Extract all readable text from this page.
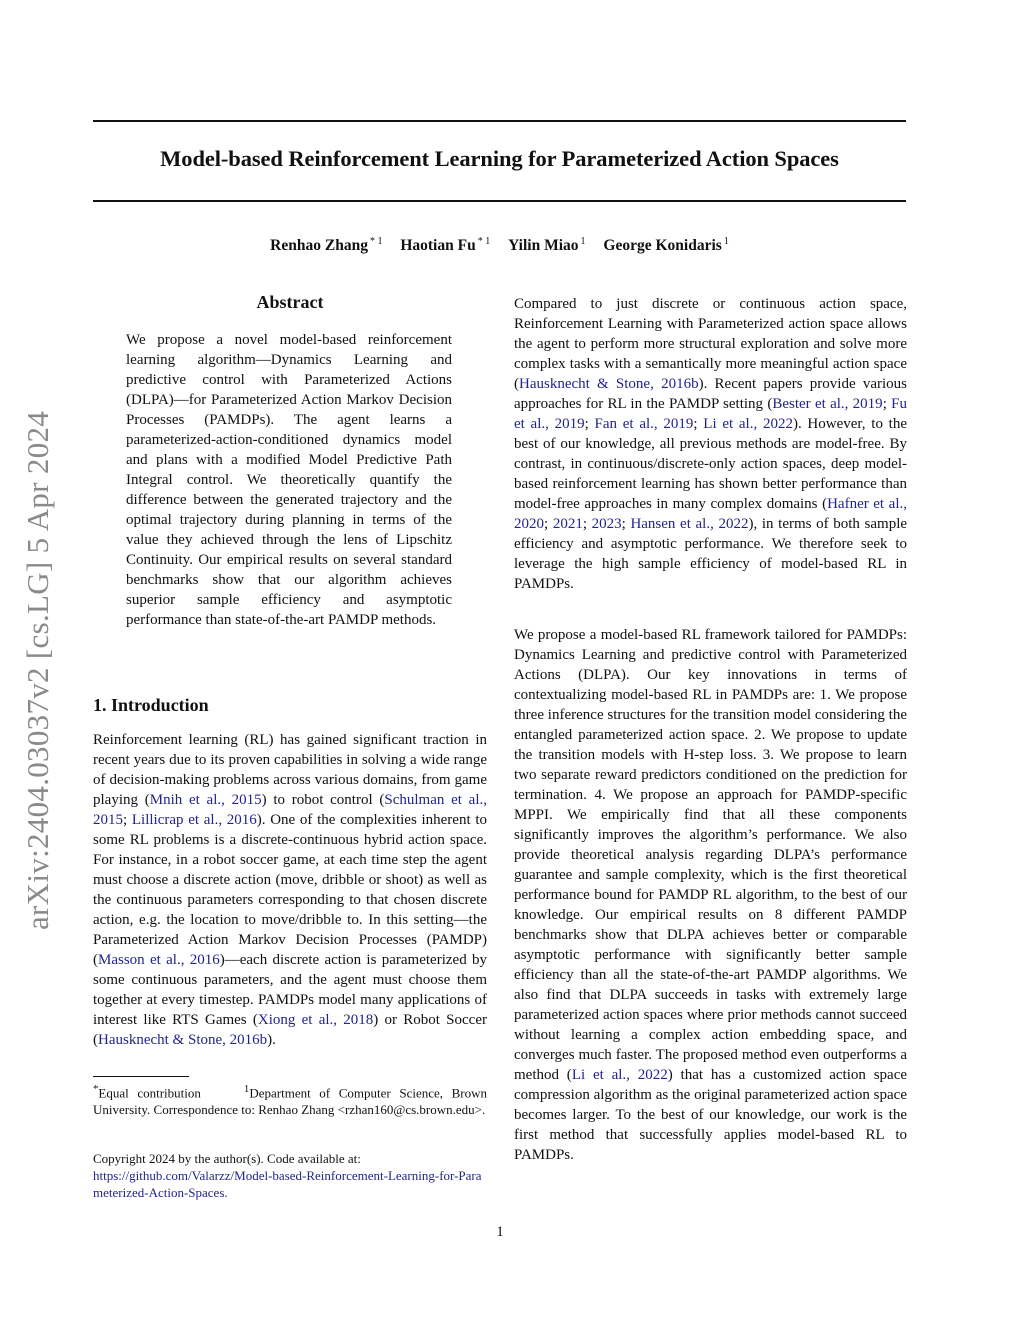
Model-based Reinforcement Learning for Parameterized Action Spaces
Renhao Zhang $^{* 1}$ Haotian Fu $^{* 1}$ Yilin Miao $^1$ George Konidaris $^1$
arXiv:2404.03037v2 [cs.LG] 5 Apr 2024
Abstract

We propose a novel model-based reinforcement learning algorithm—Dynamics Learning and predictive control with Parameterized Actions (DLPA)—for Parameterized Action Markov Decision Processes (PAMDPs). The agent learns a parameterized-action-conditioned dynamics model and plans with a modified Model Predictive Path Integral control. We theoretically quantify the difference between the generated trajectory and the optimal trajectory during planning in terms of the value they achieved through the lens of Lipschitz Continuity. Our empirical results on several standard benchmarks show that our algorithm achieves superior sample efficiency and asymptotic performance than state-of-the-art PAMDP methods.

1. Introduction

Reinforcement learning (RL) has gained significant traction in recent years due to its proven capabilities in solving a wide range of decision-making problems across various domains, from game playing (Mnih et al., 2015) to robot control (Schulman et al., 2015; Lillicrap et al., 2016). One of the complexities inherent to some RL problems is a discrete-continuous hybrid action space. For instance, in a robot soccer game, at each time step the agent must choose a discrete action (move, dribble or shoot) as well as the continuous parameters corresponding to that chosen discrete action, e.g. the location to move/dribble to. In this setting—the Parameterized Action Markov Decision Processes (PAMDP) (Masson et al., 2016)—each discrete action is parameterized by some continuous parameters, and the agent must choose them together at every timestep. PAMDPs model many applications of interest like RTS Games (Xiong et al., 2018) or Robot Soccer (Hausknecht & Stone, 2016b).

*Equal contribution	$^1$Department of Computer Science, Brown University. Correspondence to: Renhao Zhang <rzhan160@cs.brown.edu>.

Copyright 2024 by the author(s). Code available at:
https://github.com/Valarzz/Model-based-Reinforcement-Learning-for-Parameterized-Action-Spaces.

Compared to just discrete or continuous action space, Reinforcement Learning with Parameterized action space allows the agent to perform more structural exploration and solve more complex tasks with a semantically more meaningful action space (Hausknecht & Stone, 2016b). Recent papers provide various approaches for RL in the PAMDP setting (Bester et al., 2019; Fu et al., 2019; Fan et al., 2019; Li et al., 2022). However, to the best of our knowledge, all previous methods are model-free. By contrast, in continuous/discrete-only action spaces, deep model-based reinforcement learning has shown better performance than model-free approaches in many complex domains (Hafner et al., 2020; 2021; 2023; Hansen et al., 2022), in terms of both sample efficiency and asymptotic performance. We therefore seek to leverage the high sample efficiency of model-based RL in PAMDPs.

We propose a model-based RL framework tailored for PAMDPs: Dynamics Learning and predictive control with Parameterized Actions (DLPA). Our key innovations in terms of contextualizing model-based RL in PAMDPs are: 1. We propose three inference structures for the transition model considering the entangled parameterized action space. 2. We propose to update the transition models with H-step loss. 3. We propose to learn two separate reward predictors conditioned on the prediction for termination. 4. We propose an approach for PAMDP-specific MPPI. We empirically find that all these components significantly improves the algorithm’s performance. We also provide theoretical analysis regarding DLPA’s performance guarantee and sample complexity, which is the first theoretical performance bound for PAMDP RL algorithm, to the best of our knowledge. Our empirical results on 8 different PAMDP benchmarks show that DLPA achieves better or comparable asymptotic performance with significantly better sample efficiency than all the state-of-the-art PAMDP algorithms. We also find that DLPA succeeds in tasks with extremely large parameterized action spaces where prior methods cannot succeed without learning a complex action embedding space, and converges much faster. The proposed method even outperforms a method (Li et al., 2022) that has a customized action space compression algorithm as the original parameterized action space becomes larger. To the best of our knowledge, our work is the first method that successfully applies model-based RL to PAMDPs.

1
